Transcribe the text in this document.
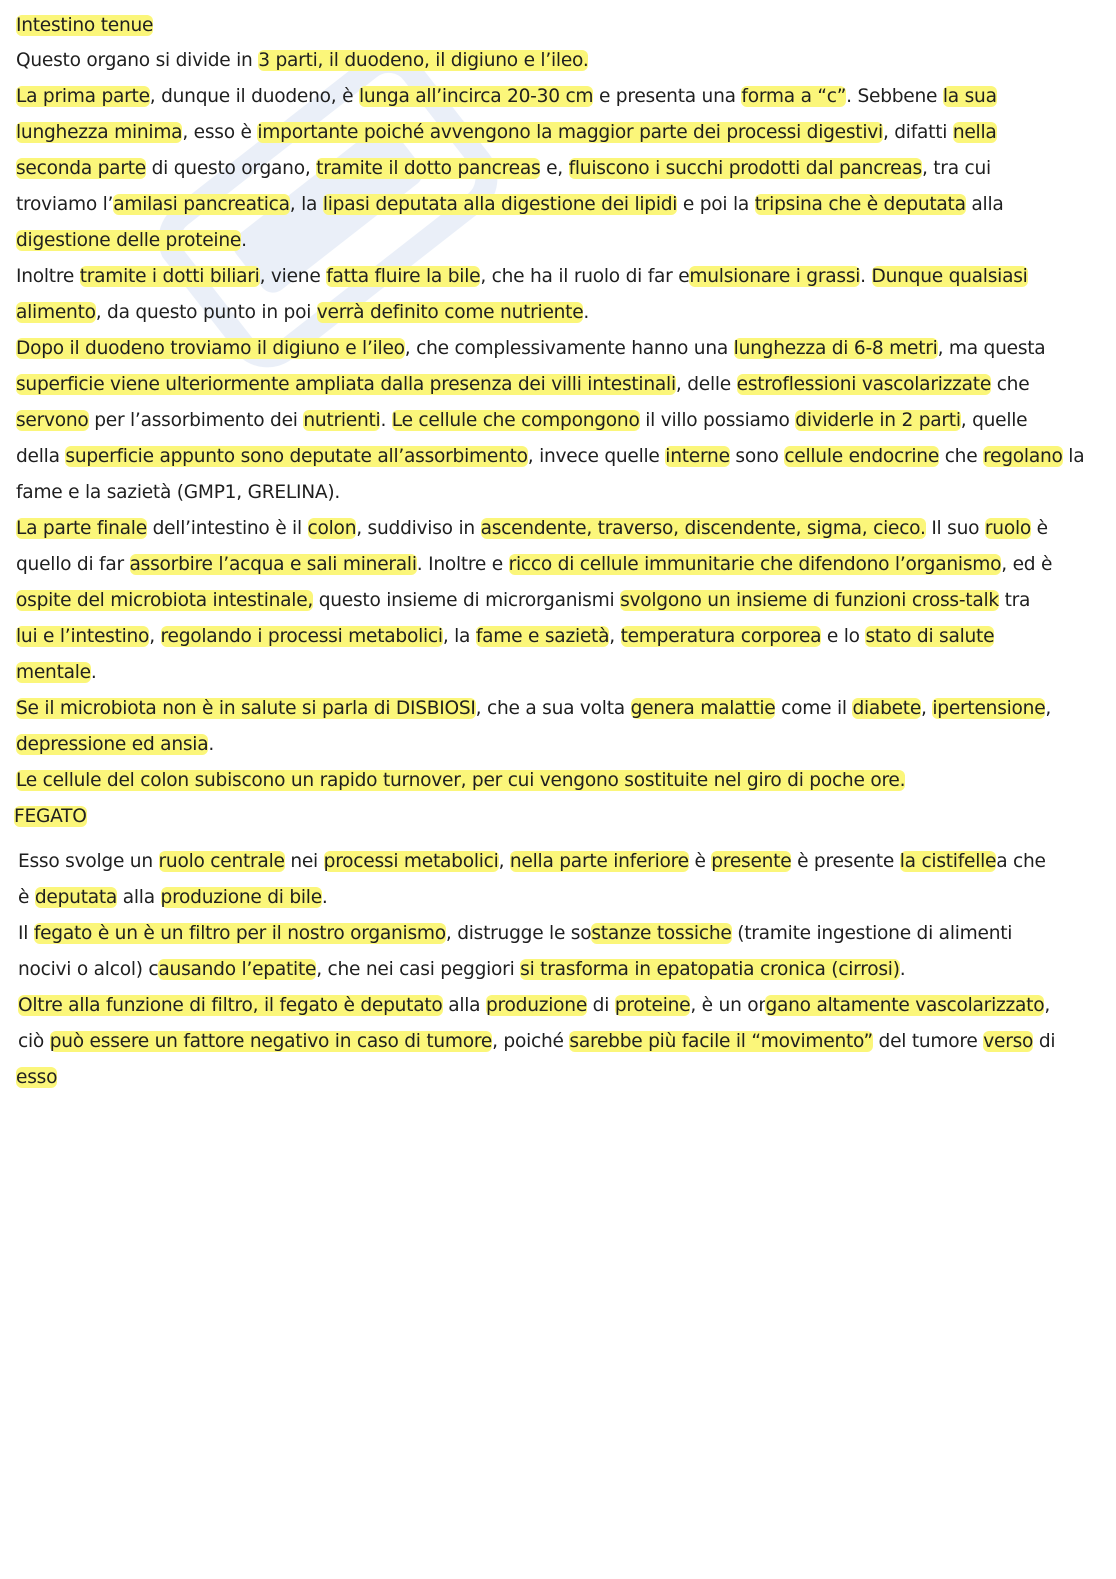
Intestino tenue
Questo organo si divide in 3 parti, il duodeno, il digiuno e l’ileo.
La prima parte, dunque il duodeno, è lunga all’incirca 20-30 cm e presenta una forma a “c”. Sebbene la sua
lunghezza minima, esso è importante poiché avvengono la maggior parte dei processi digestivi, difatti nella
seconda parte di questo organo, tramite il dotto pancreas e, fluiscono i succhi prodotti dal pancreas, tra cui
troviamo l’amilasi pancreatica, la lipasi deputata alla digestione dei lipidi e poi la tripsina che è deputata alla
digestione delle proteine.
Inoltre tramite i dotti biliari, viene fatta fluire la bile, che ha il ruolo di far emulsionare i grassi. Dunque qualsiasi
alimento, da questo punto in poi verrà definito come nutriente.
Dopo il duodeno troviamo il digiuno e l’ileo, che complessivamente hanno una lunghezza di 6-8 metri, ma questa
superficie viene ulteriormente ampliata dalla presenza dei villi intestinali, delle estroflessioni vascolarizzate che
servono per l’assorbimento dei nutrienti. Le cellule che compongono il villo possiamo dividerle in 2 parti, quelle
della superficie appunto sono deputate all’assorbimento, invece quelle interne sono cellule endocrine che regolano la
fame e la sazietà (GMP1, GRELINA).
La parte finale dell’intestino è il colon, suddiviso in ascendente, traverso, discendente, sigma, cieco. Il suo ruolo è
quello di far assorbire l’acqua e sali minerali. Inoltre e ricco di cellule immunitarie che difendono l’organismo, ed è
ospite del microbiota intestinale, questo insieme di microrganismi svolgono un insieme di funzioni cross-talk tra
lui e l’intestino, regolando i processi metabolici, la fame e sazietà, temperatura corporea e lo stato di salute
mentale.
Se il microbiota non è in salute si parla di DISBIOSI, che a sua volta genera malattie come il diabete, ipertensione,
depressione ed ansia.
Le cellule del colon subiscono un rapido turnover, per cui vengono sostituite nel giro di poche ore.
FEGATO
Esso svolge un ruolo centrale nei processi metabolici, nella parte inferiore è presente è presente la cistifellea che
è deputata alla produzione di bile.
Il fegato è un è un filtro per il nostro organismo, distrugge le sostanze tossiche (tramite ingestione di alimenti
nocivi o alcol) causando l’epatite, che nei casi peggiori si trasforma in epatopatia cronica (cirrosi).
Oltre alla funzione di filtro, il fegato è deputato alla produzione di proteine, è un organo altamente vascolarizzato,
ciò può essere un fattore negativo in caso di tumore, poiché sarebbe più facile il “movimento” del tumore verso di
esso
